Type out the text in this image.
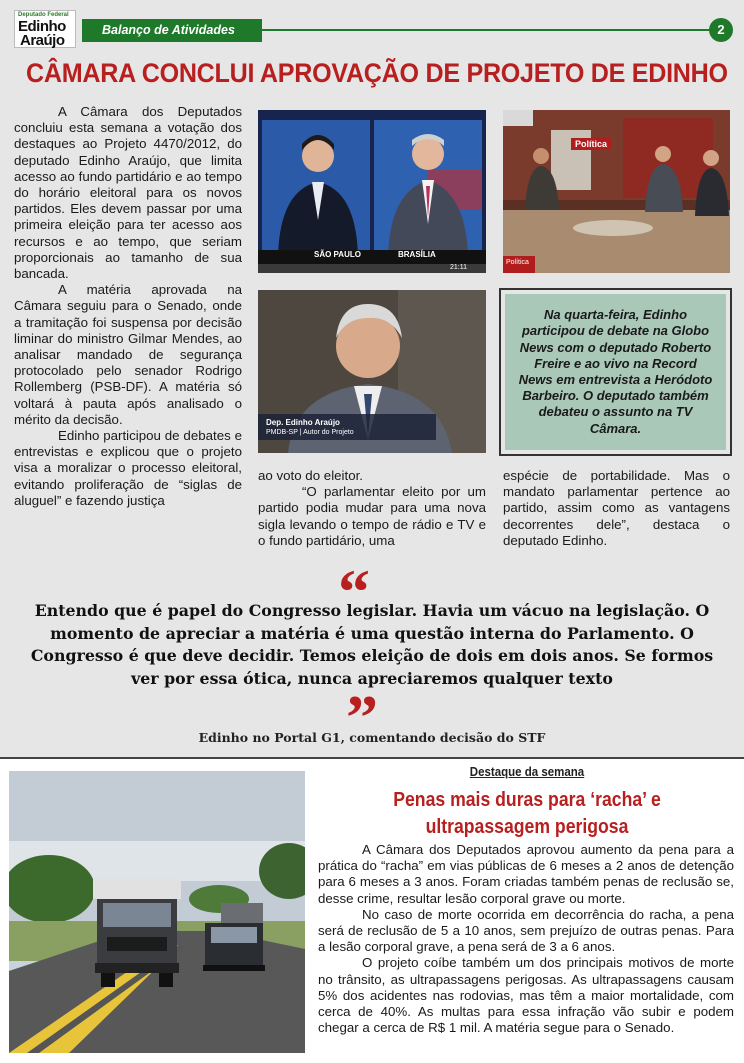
Deputado Federal
Edinho
Araújo
Balanço de Atividades	2
CÂMARA CONCLUI APROVAÇÃO DE PROJETO DE EDINHO

A Câmara dos Deputados concluiu esta semana a votação dos destaques ao Projeto 4470/2012, do deputado Edinho Araújo, que limita acesso ao fundo partidário e ao tempo do horário eleitoral para os novos partidos. Eles devem passar por uma primeira eleição para ter acesso aos recursos e ao tempo, que seriam proporcionais ao tamanho de sua bancada.

A matéria aprovada na Câmara seguiu para o Senado, onde a tramitação foi suspensa por decisão liminar do ministro Gilmar Mendes, ao analisar mandado de segurança protocolado pelo senador Rodrigo Rollemberg (PSB-DF). A matéria só voltará à pauta após analisado o mérito da decisão.

Edinho participou de debates e entrevistas e explicou que o projeto visa a moralizar o processo eleitoral, evitando proliferação de “siglas de aluguel” e fazendo justiça

SÃO PAULO	BRASÍLIA
21:11
Política
Política
Dep. Edinho Araújo
PMDB-SP | Autor do Projeto
Na quarta-feira, Edinho participou de debate na Globo News com o deputado Roberto Freire e ao vivo na Record News em entrevista a Heródoto Barbeiro. O deputado também debateu o assunto na TV Câmara.
ao voto do eleitor.

“O parlamentar eleito por um partido podia mudar para uma nova sigla levando o tempo de rádio e TV e o fundo partidário, uma

espécie de portabilidade. Mas o mandato parlamentar pertence ao partido, assim como as vantagens decorrentes dele”, destaca o deputado Edinho.
“
Entendo que é papel do Congresso legislar. Havia um vácuo na legislação. O momento de apreciar a matéria é uma questão interna do Parlamento. O Congresso é que deve decidir. Temos eleição de dois em dois anos. Se formos ver por essa ótica, nunca apreciaremos qualquer texto
”
Edinho no Portal G1, comentando decisão do STF
Destaque da semana
Penas mais duras para ‘racha’ e ultrapassagem perigosa

A Câmara dos Deputados aprovou aumento da pena para a prática do “racha” em vias públicas de 6 meses a 2 anos de detenção para 6 meses a 3 anos. Foram criadas também penas de reclusão se, desse crime, resultar lesão corporal grave ou morte.

No caso de morte ocorrida em decorrência do racha, a pena será de reclusão de 5 a 10 anos, sem prejuízo de outras penas. Para a lesão corporal grave, a pena será de 3 a 6 anos.

O projeto coíbe também um dos principais motivos de morte no trânsito, as ultrapassagens perigosas. As ultrapassagens causam 5% dos acidentes nas rodovias, mas têm a maior mortalidade, com cerca de 40%. As multas para essa infração vão subir e podem chegar a cerca de R$ 1 mil. A matéria segue para o Senado.
